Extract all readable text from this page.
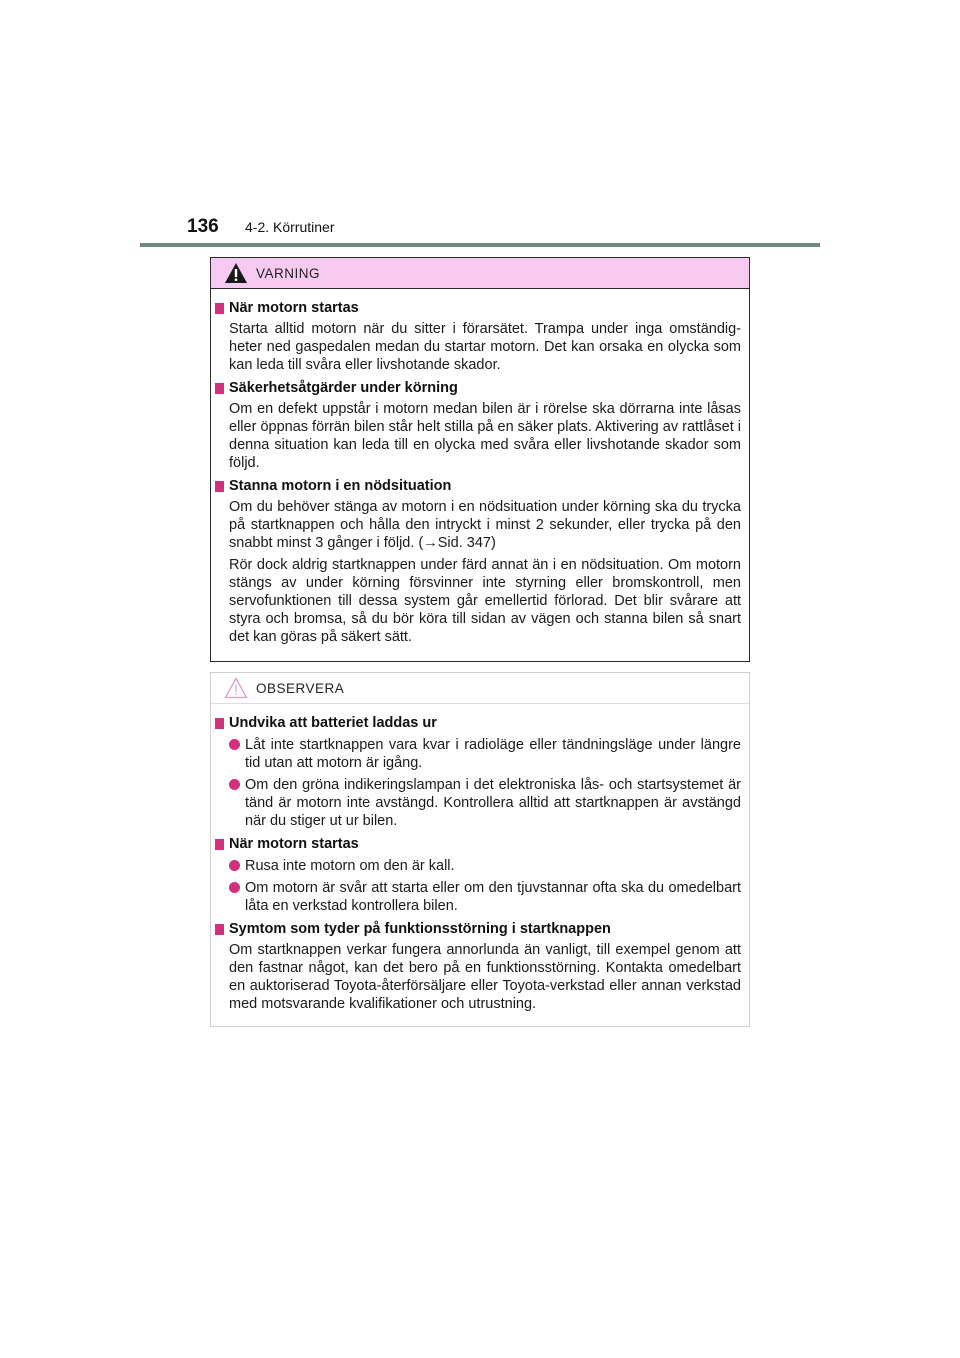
136	4-2. Körrutiner
VARNING
När motorn startas

Starta alltid motorn när du sitter i förarsätet. Trampa under inga omständig-heter ned gaspedalen medan du startar motorn. Det kan orsaka en olycka som kan leda till svåra eller livshotande skador.

Säkerhetsåtgärder under körning

Om en defekt uppstår i motorn medan bilen är i rörelse ska dörrarna inte låsas eller öppnas förrän bilen står helt stilla på en säker plats. Aktivering av rattlåset i denna situation kan leda till en olycka med svåra eller livshotande skador som följd.

Stanna motorn i en nödsituation

Om du behöver stänga av motorn i en nödsituation under körning ska du trycka på startknappen och hålla den intryckt i minst 2 sekunder, eller trycka på den snabbt minst 3 gånger i följd. (→Sid. 347)

Rör dock aldrig startknappen under färd annat än i en nödsituation. Om motorn stängs av under körning försvinner inte styrning eller bromskontroll, men servofunktionen till dessa system går emellertid förlorad. Det blir svårare att styra och bromsa, så du bör köra till sidan av vägen och stanna bilen så snart det kan göras på säkert sätt.

OBSERVERA
Undvika att batteriet laddas ur
Låt inte startknappen vara kvar i radioläge eller tändningsläge under längre tid utan att motorn är igång.
Om den gröna indikeringslampan i det elektroniska lås- och startsystemet är tänd är motorn inte avstängd. Kontrollera alltid att startknappen är avstängd när du stiger ut ur bilen.
När motorn startas
Rusa inte motorn om den är kall.
Om motorn är svår att starta eller om den tjuvstannar ofta ska du omedelbart låta en verkstad kontrollera bilen.
Symtom som tyder på funktionsstörning i startknappen

Om startknappen verkar fungera annorlunda än vanligt, till exempel genom att den fastnar något, kan det bero på en funktionsstörning. Kontakta omedelbart en auktoriserad Toyota-återförsäljare eller Toyota-verkstad eller annan verkstad med motsvarande kvalifikationer och utrustning.
